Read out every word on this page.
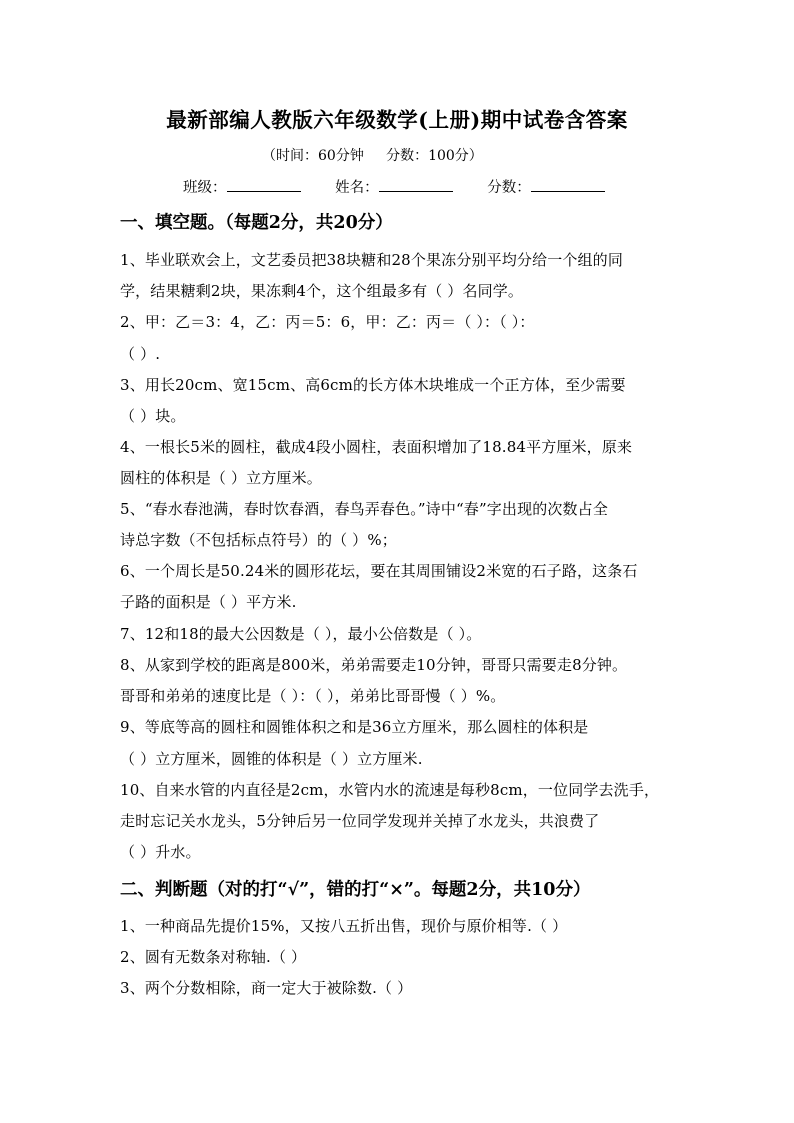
最新部编人教版六年级数学(上册)期中试卷含答案
（时间：60分钟     分数：100分）
班级：	姓名：	分数：
一、填空题。（每题2分，共20分）
1、毕业联欢会上，文艺委员把38块糖和28个果冻分别平均分给一个组的同
学，结果糖剩2块，果冻剩4个，这个组最多有（ ）名同学。
2、甲：乙＝3：4，乙：丙＝5：6，甲：乙：丙＝（ ）：（ ）：
（ ）.
3、用长20cm、宽15cm、高6cm的长方体木块堆成一个正方体，至少需要
（ ）块。
4、一根长5米的圆柱，截成4段小圆柱，表面积增加了18.84平方厘米，原来
圆柱的体积是（ ）立方厘米。
5、“春水春池满，春时饮春酒，春鸟弄春色。”诗中“春”字出现的次数占全
诗总字数（不包括标点符号）的（ ）%；
6、一个周长是50.24米的圆形花坛，要在其周围铺设2米宽的石子路，这条石
子路的面积是（ ）平方米.
7、12和18的最大公因数是（ ），最小公倍数是（ ）。
8、从家到学校的距离是800米，弟弟需要走10分钟，哥哥只需要走8分钟。
哥哥和弟弟的速度比是（ ）：（ ），弟弟比哥哥慢（ ）%。
9、等底等高的圆柱和圆锥体积之和是36立方厘米，那么圆柱的体积是
（ ）立方厘米，圆锥的体积是（ ）立方厘米.
10、自来水管的内直径是2cm，水管内水的流速是每秒8cm，一位同学去洗手，
走时忘记关水龙头，5分钟后另一位同学发现并关掉了水龙头，共浪费了
（ ）升水。
二、判断题（对的打“√”，错的打“×”。每题2分，共10分）
1、一种商品先提价15%，又按八五折出售，现价与原价相等.（ ）
2、圆有无数条对称轴.（ ）
3、两个分数相除，商一定大于被除数.（ ）
